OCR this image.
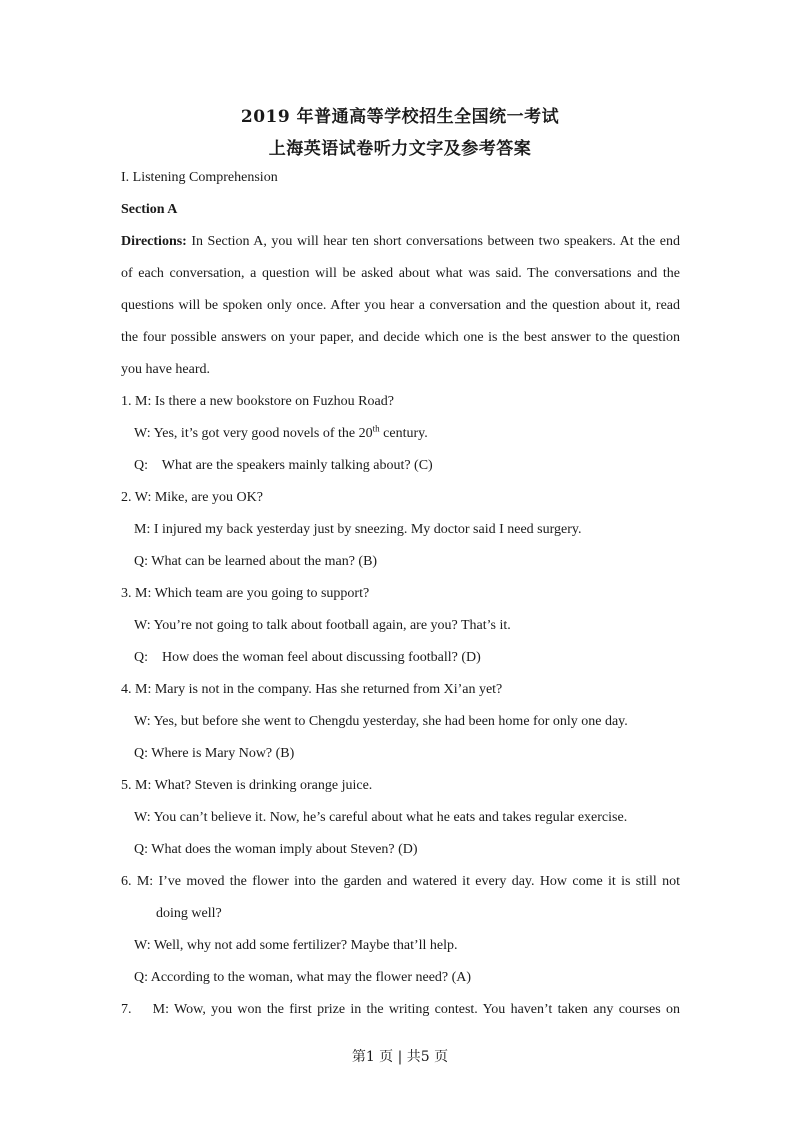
2019 年普通高等学校招生全国统一考试
上海英语试卷听力文字及参考答案
I. Listening Comprehension
Section A
Directions: In Section A, you will hear ten short conversations between two speakers. At the end
of each conversation, a question will be asked about what was said. The conversations and the
questions will be spoken only once. After you hear a conversation and the question about it, read
the four possible answers on your paper, and decide which one is the best answer to the question
you have heard.
1. M: Is there a new bookstore on Fuzhou Road?
W: Yes, it’s got very good novels of the 20th century.
Q:    What are the speakers mainly talking about? (C)
2. W: Mike, are you OK?
M: I injured my back yesterday just by sneezing. My doctor said I need surgery.
Q: What can be learned about the man? (B)
3. M: Which team are you going to support?
W: You’re not going to talk about football again, are you? That’s it.
Q:    How does the woman feel about discussing football? (D)
4. M: Mary is not in the company. Has she returned from Xi’an yet?
W: Yes, but before she went to Chengdu yesterday, she had been home for only one day.
Q: Where is Mary Now? (B)
5. M: What? Steven is drinking orange juice.
W: You can’t believe it. Now, he’s careful about what he eats and takes regular exercise.
Q: What does the woman imply about Steven? (D)
6. M: I’ve moved the flower into the garden and watered it every day. How come it is still not
doing well?
W: Well, why not add some fertilizer? Maybe that’ll help.
Q: According to the woman, what may the flower need? (A)
7.    M: Wow, you won the first prize in the writing contest. You haven’t taken any courses on
第1 页 | 共5 页
